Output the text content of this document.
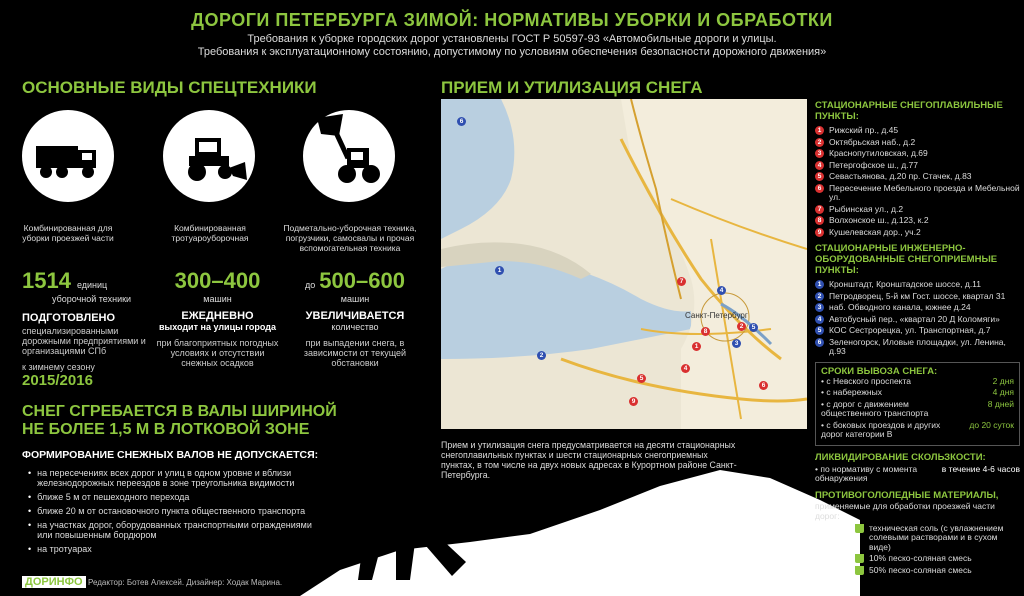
ДОРОГИ ПЕТЕРБУРГА ЗИМОЙ: НОРМАТИВЫ УБОРКИ И ОБРАБОТКИ
Требования к уборке городских дорог установлены ГОСТ Р 50597-93 «Автомобильные дороги и улицы.
Требования к эксплуатационному состоянию, допустимому по условиям обеспечения безопасности дорожного движения»
ОСНОВНЫЕ ВИДЫ СПЕЦТЕХНИКИ
Комбинированная для уборки проезжей части
Комбинированная тротуароуборочная
Подметально-уборочная техника, погрузчики, самосвалы и прочая вспомогательная техника
1514 единиц
уборочной техники
ПОДГОТОВЛЕНО
специализированными дорожными предприятиями и организациями СПб
к зимнему сезону
2015/2016
300–400
машин
ЕЖЕДНЕВНО
выходит на улицы города
при благоприятных погодных условиях и отсутствии снежных осадков
до 500–600
машин
УВЕЛИЧИВАЕТСЯ
количество
при выпадении снега, в зависимости от текущей обстановки
СНЕГ СГРЕБАЕТСЯ В ВАЛЫ ШИРИНОЙ
НЕ БОЛЕЕ 1,5 М В ЛОТКОВОЙ ЗОНЕ
ФОРМИРОВАНИЕ СНЕЖНЫХ ВАЛОВ НЕ ДОПУСКАЕТСЯ:
• на пересечениях всех дорог и улиц в одном уровне и вблизи железнодорожных переездов в зоне треугольника видимости
• ближе 5 м от пешеходного перехода
• ближе 20 м от остановочного пункта общественного транспорта
• на участках дорог, оборудованных транспортными ограждениями или повышенным бордюром
• на тротуарах
ПРИЕМ И УТИЛИЗАЦИЯ СНЕГА
Санкт-Петербург
6
1
2
4
3
5
7
1
4
2
8
5
9
6
Прием и утилизация снега предусматривается на десяти стационарных снегоплавильных пунктах и шести стационарных снегоприемных пунктах, в том числе на двух новых адресах в Курортном районе Санкт-Петербурга.
СТАЦИОНАРНЫЕ СНЕГОПЛАВИЛЬНЫЕ ПУНКТЫ:
1 Рижский пр., д.45
2 Октябрьская наб., д.2
3 Краснопутиловская, д.69
4 Петергофское ш., д.77
5 Севастьянова, д.20 пр. Стачек, д.83
6 Пересечение Мебельного проезда и Мебельной ул.
7 Рыбинская ул., д.2
8 Волхонское ш., д.123, к.2
9 Кушелевская дор., уч.2
СТАЦИОНАРНЫЕ ИНЖЕНЕРНО-
ОБОРУДОВАННЫЕ СНЕГОПРИЕМНЫЕ ПУНКТЫ:
1 Кронштадт, Кронштадское шоссе, д.11
2 Петродворец, 5-й км Гост. шоссе, квартал 31
3 наб. Обводного канала, южнее д.24
4 Автобусный пер., «квартал 20 Д Коломяги»
5 КОС Сестрорецка, ул. Транспортная, д.7
6 Зеленогорск, Иловые площадки, ул. Ленина, д.93
СРОКИ ВЫВОЗА СНЕГА:
• с Невского проспекта	2 дня
• с набережных	4 дня
• с дорог с движением общественного транспорта
8 дней
• с боковых проездов и других дорог категории В
до 20 суток
ЛИКВИДИРОВАНИЕ СКОЛЬЗКОСТИ:
• по нормативу с момента обнаружения
в течение 4-6 часов
ПРОТИВОГОЛОЛЕДНЫЕ МАТЕРИАЛЫ,
применяемые для обработки проезжей части дорог:
техническая соль (с увлажнением солевыми растворами и в сухом виде)
10% песко-соляная смесь
50% песко-соляная смесь
ДОРИНФО Редактор: Ботев Алексей. Дизайнер: Ходак Марина.
